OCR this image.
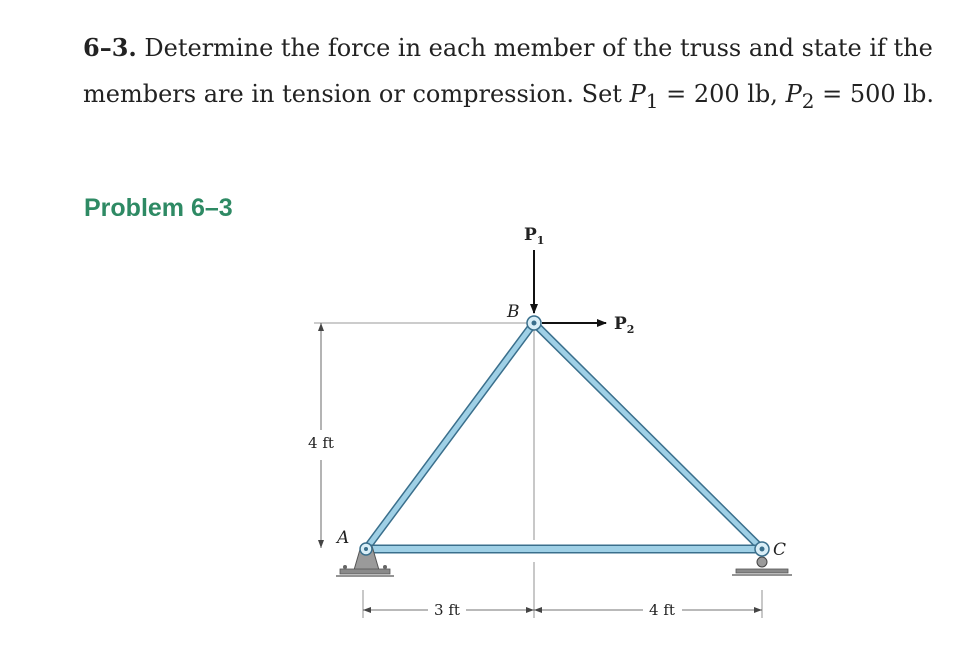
6–3. Determine the force in each member of the truss and state if the members are in tension or compression. Set $P_1 = 200$ lb, $P_2 = 500$ lb.
Problem 6–3
4 ft
3 ft	4 ft
$P_1$
$P_2$
B
A
C
